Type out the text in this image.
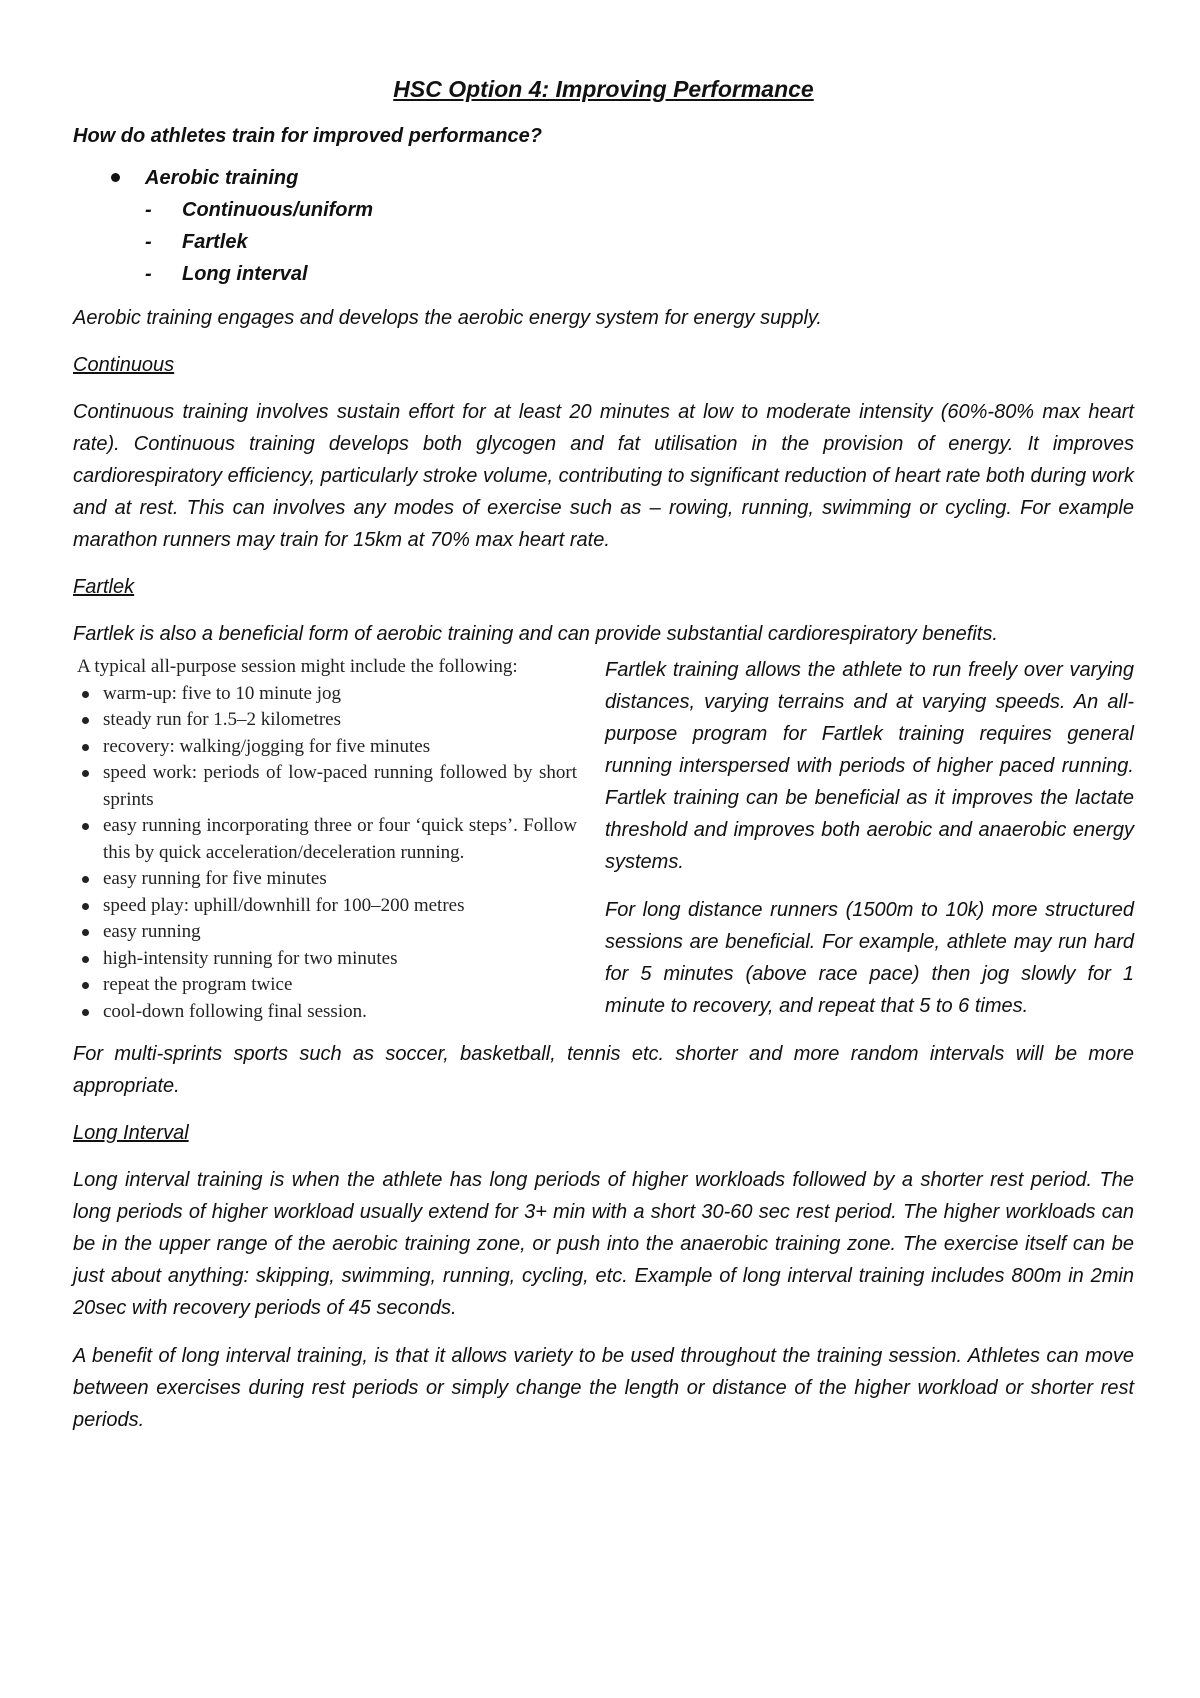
HSC Option 4: Improving Performance
How do athletes train for improved performance?
Aerobic training
- Continuous/uniform
- Fartlek
- Long interval

Aerobic training engages and develops the aerobic energy system for energy supply.

Continuous

Continuous training involves sustain effort for at least 20 minutes at low to moderate intensity (60%-80% max heart rate). Continuous training develops both glycogen and fat utilisation in the provision of energy. It improves cardiorespiratory efficiency, particularly stroke volume, contributing to significant reduction of heart rate both during work and at rest. This can involves any modes of exercise such as – rowing, running, swimming or cycling. For example marathon runners may train for 15km at 70% max heart rate.

Fartlek

Fartlek is also a beneficial form of aerobic training and can provide substantial cardiorespiratory benefits.

A typical all-purpose session might include the following:
warm-up: five to 10 minute jog
steady run for 1.5–2 kilometres
recovery: walking/jogging for five minutes
speed work: periods of low-paced running followed by short sprints
easy running incorporating three or four ‘quick steps’. Follow this by quick acceleration/deceleration running.
easy running for five minutes
speed play: uphill/downhill for 100–200 metres
easy running
high-intensity running for two minutes
repeat the program twice
cool-down following final session.

Fartlek training allows the athlete to run freely over varying distances, varying terrains and at varying speeds. An all-purpose program for Fartlek training requires general running interspersed with periods of higher paced running. Fartlek training can be beneficial as it improves the lactate threshold and improves both aerobic and anaerobic energy systems.

For long distance runners (1500m to 10k) more structured sessions are beneficial. For example, athlete may run hard for 5 minutes (above race pace) then jog slowly for 1 minute to recovery, and repeat that 5 to 6 times.

For multi-sprints sports such as soccer, basketball, tennis etc. shorter and more random intervals will be more appropriate.

Long Interval

Long interval training is when the athlete has long periods of higher workloads followed by a shorter rest period. The long periods of higher workload usually extend for 3+ min with a short 30-60 sec rest period. The higher workloads can be in the upper range of the aerobic training zone, or push into the anaerobic training zone. The exercise itself can be just about anything: skipping, swimming, running, cycling, etc. Example of long interval training includes 800m in 2min 20sec with recovery periods of 45 seconds.

A benefit of long interval training, is that it allows variety to be used throughout the training session. Athletes can move between exercises during rest periods or simply change the length or distance of the higher workload or shorter rest periods.
